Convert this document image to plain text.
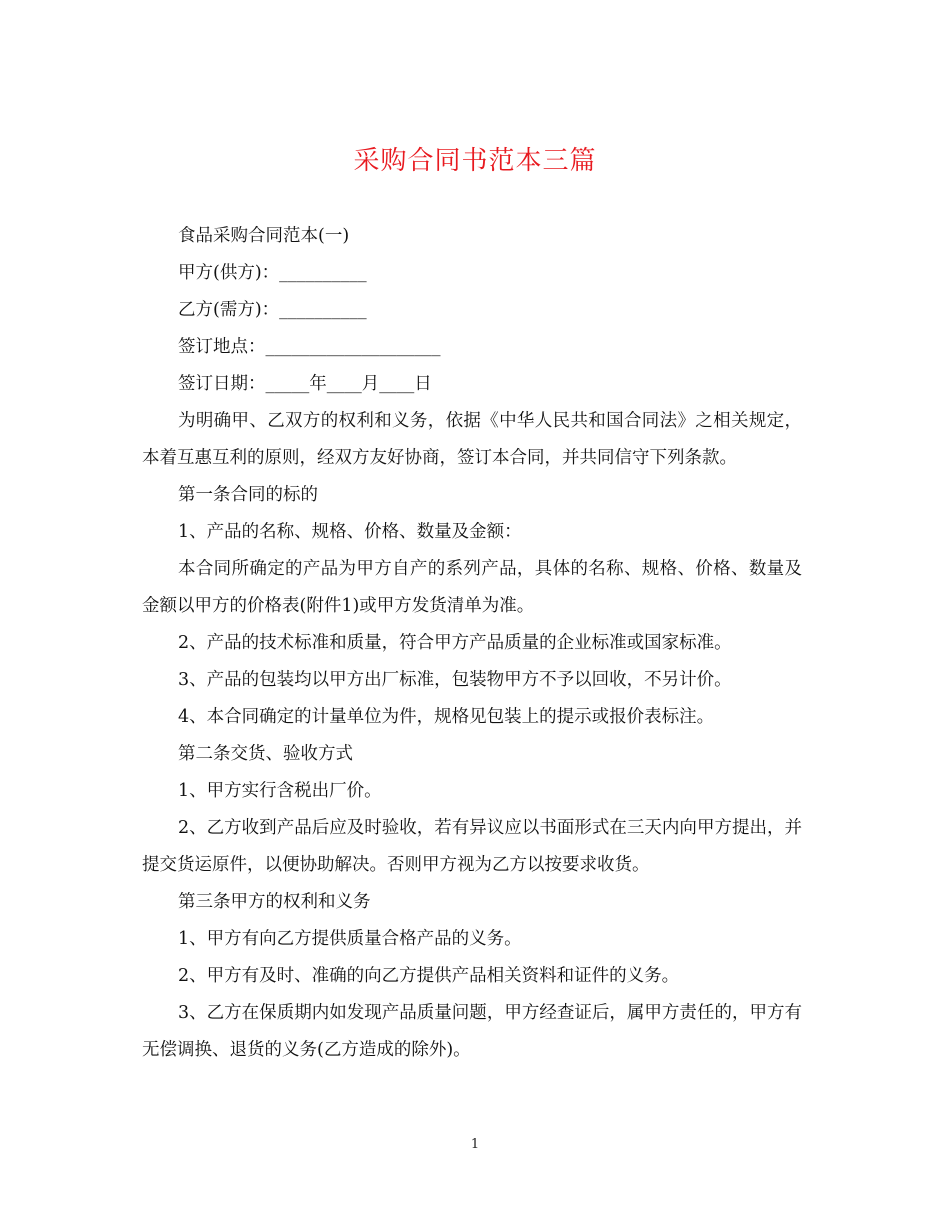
采购合同书范本三篇

食品采购合同范本(一)

甲方(供方)：__________

乙方(需方)：__________

签订地点：____________________

签订日期：_____年____月____日

为明确甲、乙双方的权利和义务，依据《中华人民共和国合同法》之相关规定，本着互惠互利的原则，经双方友好协商，签订本合同，并共同信守下列条款。

第一条合同的标的

1、产品的名称、规格、价格、数量及金额：

本合同所确定的产品为甲方自产的系列产品，具体的名称、规格、价格、数量及金额以甲方的价格表(附件1)或甲方发货清单为准。

2、产品的技术标准和质量，符合甲方产品质量的企业标准或国家标准。

3、产品的包装均以甲方出厂标准，包装物甲方不予以回收，不另计价。

4、本合同确定的计量单位为件，规格见包装上的提示或报价表标注。

第二条交货、验收方式

1、甲方实行含税出厂价。

2、乙方收到产品后应及时验收，若有异议应以书面形式在三天内向甲方提出，并提交货运原件，以便协助解决。否则甲方视为乙方以按要求收货。

第三条甲方的权利和义务

1、甲方有向乙方提供质量合格产品的义务。

2、甲方有及时、准确的向乙方提供产品相关资料和证件的义务。

3、乙方在保质期内如发现产品质量问题，甲方经查证后，属甲方责任的，甲方有无偿调换、退货的义务(乙方造成的除外)。

1
